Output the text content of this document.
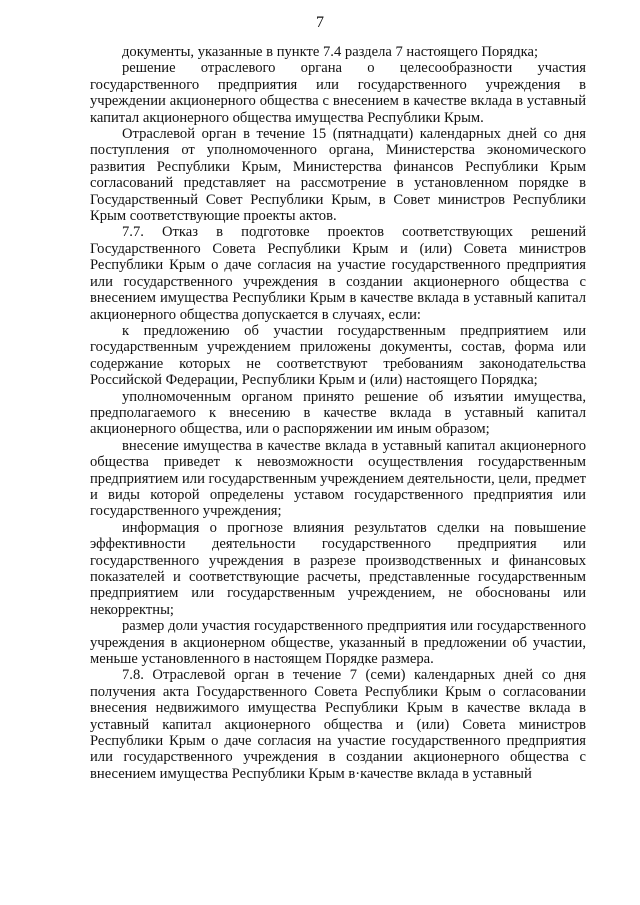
7

документы, указанные в пункте 7.4 раздела 7 настоящего Порядка;

решение отраслевого органа о целесообразности участия государственного предприятия или государственного учреждения в учреждении акционерного общества с внесением в качестве вклада в уставный капитал акционерного общества имущества Республики Крым.

Отраслевой орган в течение 15 (пятнадцати) календарных дней со дня поступления от уполномоченного органа, Министерства экономического развития Республики Крым, Министерства финансов Республики Крым согласований представляет на рассмотрение в установленном порядке в Государственный Совет Республики Крым, в Совет министров Республики Крым соответствующие проекты актов.

7.7. Отказ в подготовке проектов соответствующих решений Государственного Совета Республики Крым и (или) Совета министров Республики Крым о даче согласия на участие государственного предприятия или государственного учреждения в создании акционерного общества с внесением имущества Республики Крым в качестве вклада в уставный капитал акционерного общества допускается в случаях, если:

к предложению об участии государственным предприятием или государственным учреждением приложены документы, состав, форма или содержание которых не соответствуют требованиям законодательства Российской Федерации, Республики Крым и (или) настоящего Порядка;

уполномоченным органом принято решение об изъятии имущества, предполагаемого к внесению в качестве вклада в уставный капитал акционерного общества, или о распоряжении им иным образом;

внесение имущества в качестве вклада в уставный капитал акционерного общества приведет к невозможности осуществления государственным предприятием или государственным учреждением деятельности, цели, предмет и виды которой определены уставом государственного предприятия или государственного учреждения;

информация о прогнозе влияния результатов сделки на повышение эффективности деятельности государственного предприятия или государственного учреждения в разрезе производственных и финансовых показателей и соответствующие расчеты, представленные государственным предприятием или государственным учреждением, не обоснованы или некорректны;

размер доли участия государственного предприятия или государственного учреждения в акционерном обществе, указанный в предложении об участии, меньше установленного в настоящем Порядке размера.

7.8. Отраслевой орган в течение 7 (семи) календарных дней со дня получения акта Государственного Совета Республики Крым о согласовании внесения недвижимого имущества Республики Крым в качестве вклада в уставный капитал акционерного общества и (или) Совета министров Республики Крым о даче согласия на участие государственного предприятия или государственного учреждения в создании акционерного общества с внесением имущества Республики Крым в·качестве вклада в уставный
